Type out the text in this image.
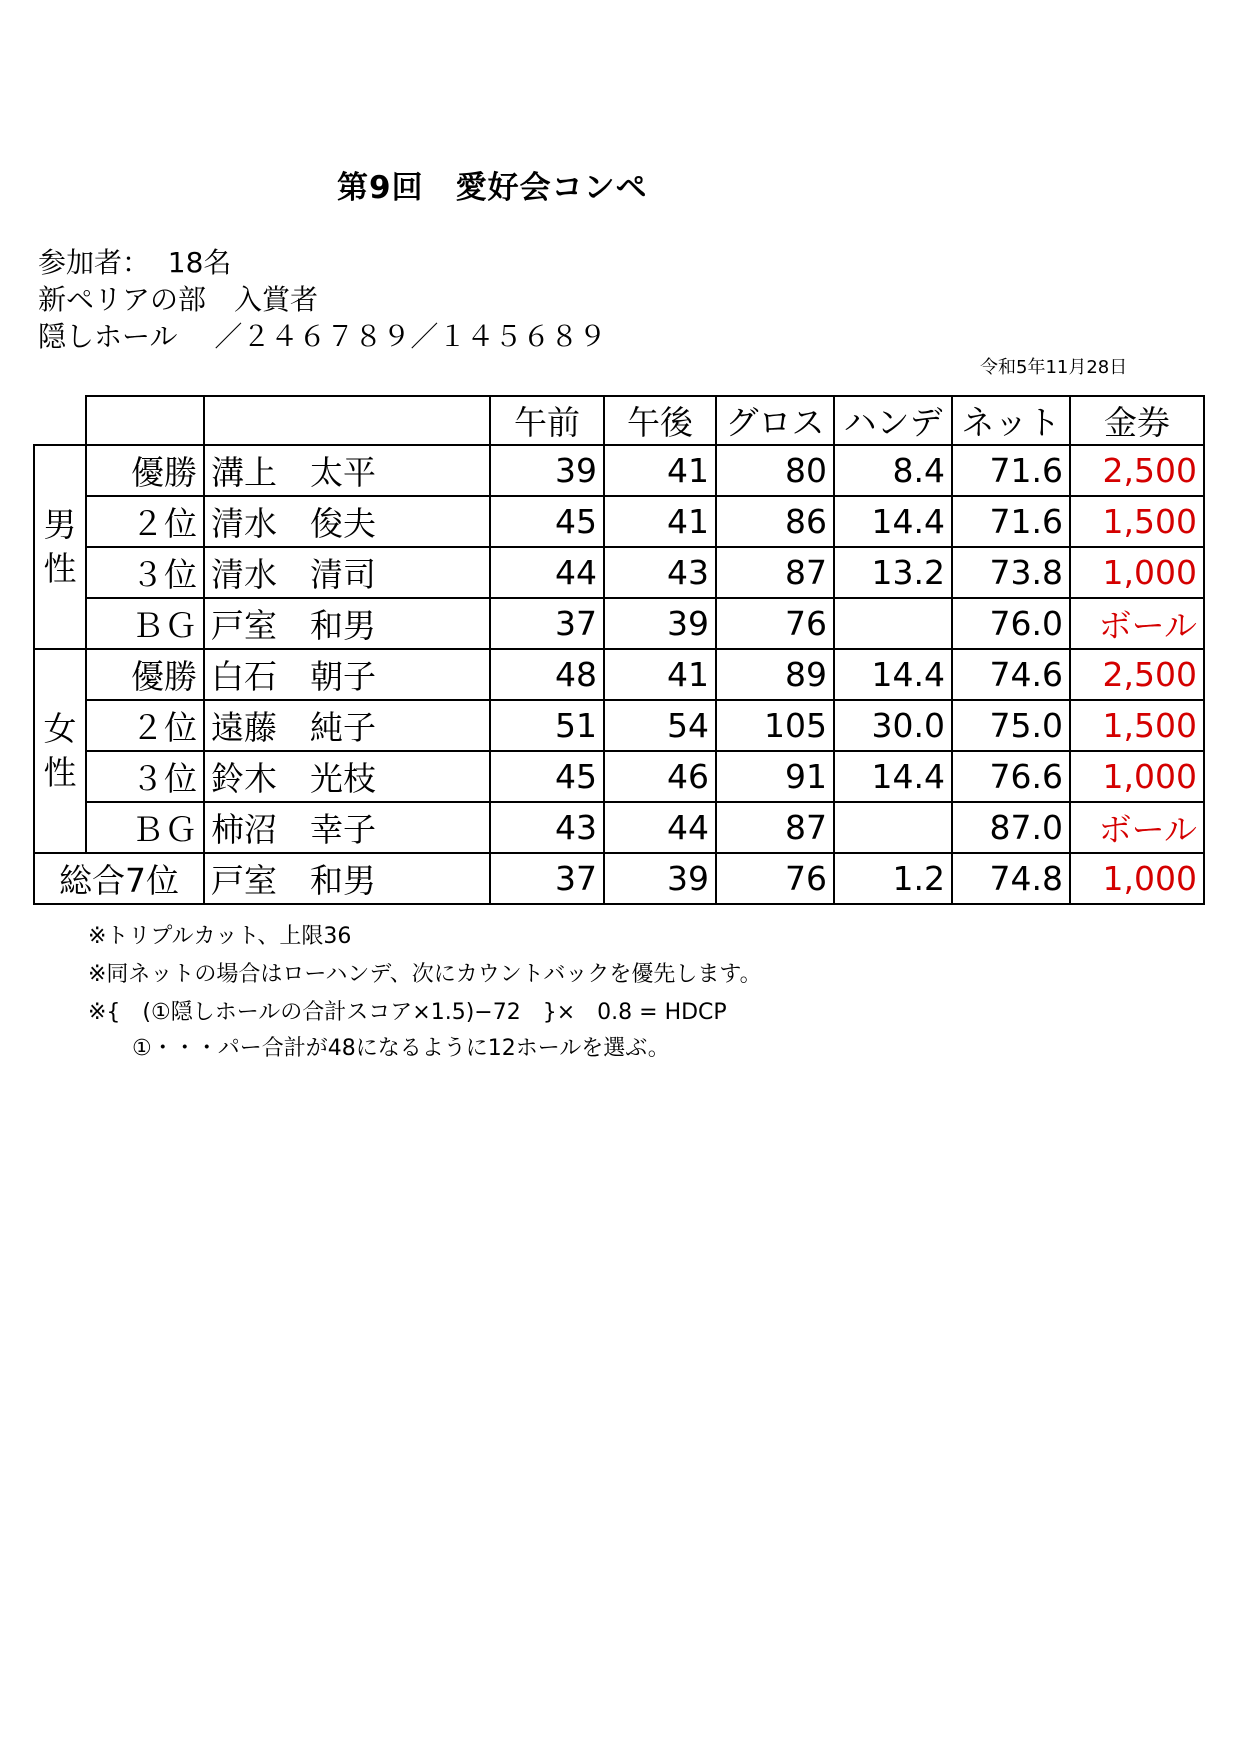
第9回　愛好会コンペ
参加者：  18名
新ペリアの部　入賞者
隠しホール　 ／２４６７８９／１４５６８９
令和5年11月28日
			午前	午後	グロス	ハンデ	ネット	金券
男
性	優勝	溝上　太平	39	41	80	8.4	71.6	2,500
	２位	清水　俊夫	45	41	86	14.4	71.6	1,500
	３位	清水　清司	44	43	87	13.2	73.8	1,000
	ＢＧ	戸室　和男	37	39	76		76.0	ボール
女
性	優勝	白石　朝子	48	41	89	14.4	74.6	2,500
	２位	遠藤　純子	51	54	105	30.0	75.0	1,500
	３位	鈴木　光枝	45	46	91	14.4	76.6	1,000
	ＢＧ	柿沼　幸子	43	44	87		87.0	ボール
総合7位		戸室　和男	37	39	76	1.2	74.8	1,000
※トリプルカット、上限36
※同ネットの場合はローハンデ、次にカウントバックを優先します。
※{　(①隠しホールの合計スコア×1.5)−72　}×　0.8 = HDCP
　　①・・・パー合計が48になるように12ホールを選ぶ。
